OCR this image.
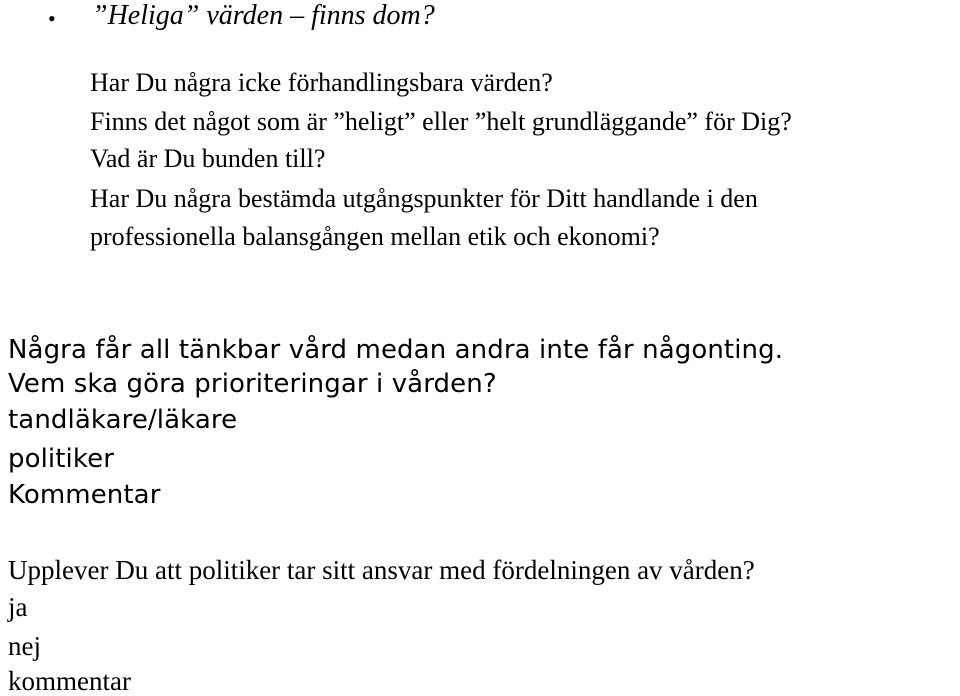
• ”Heliga” värden – finns dom?
Har Du några icke förhandlingsbara värden?
Finns det något som är ”heligt” eller ”helt grundläggande” för Dig?
Vad är Du bunden till?
Har Du några bestämda utgångspunkter för Ditt handlande i den
professionella balansgången mellan etik och ekonomi?
Några får all tänkbar vård medan andra inte får någonting.
Vem ska göra prioriteringar i vården?
tandläkare/läkare
politiker
Kommentar
Upplever Du att politiker tar sitt ansvar med fördelningen av vården?
ja
nej
kommentar
